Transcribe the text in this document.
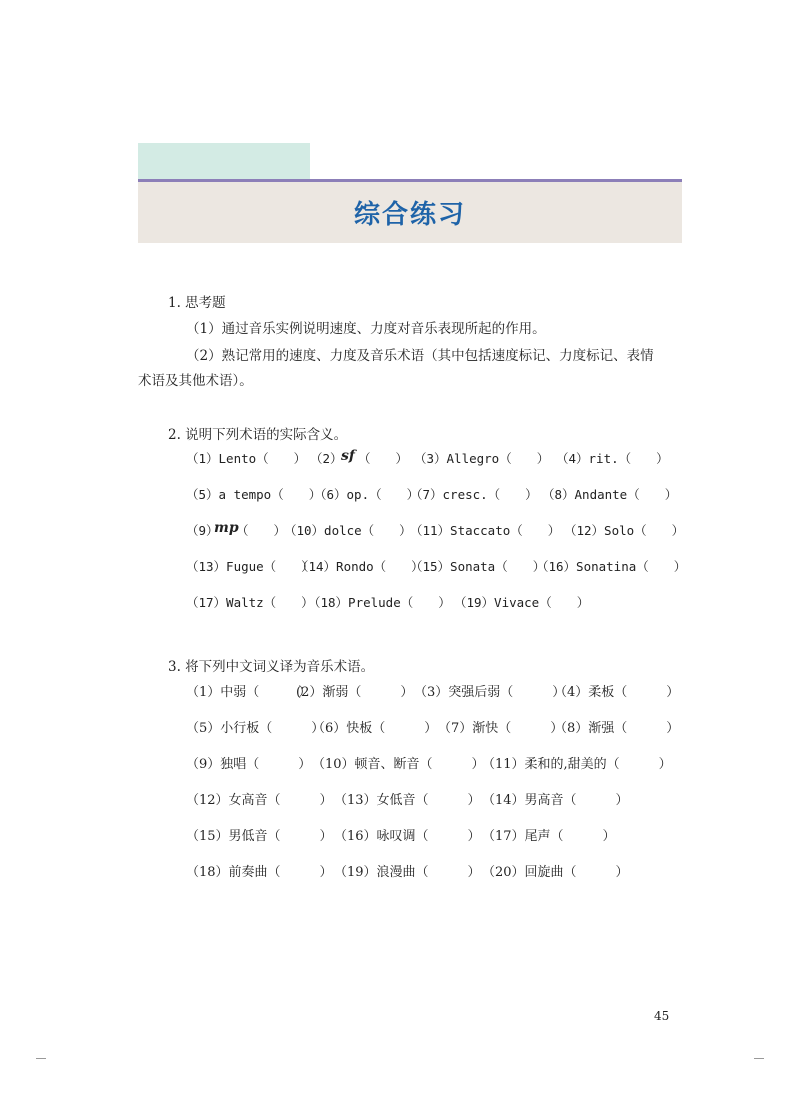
综合练习
1. 思考题
（1）通过音乐实例说明速度、力度对音乐表现所起的作用。
（2）熟记常用的速度、力度及音乐术语（其中包括速度标记、力度标记、表情
术语及其他术语）。
2. 说明下列术语的实际含义。
（1）Lento（　　） （2）
sf （　　） （3）Allegro（　　） （4）rit.（　　）
（5）a tempo（　　）
（6）op.（　　）
（7）cresc.（　　） （8）Andante（　　）
（9）
mp
（　　）
（10）dolce（　　）
（11）Staccato（　　） （12）Solo（　　）
（13）Fugue（　　）
（14）Rondo（　　）
（15）Sonata（　　）
（16）Sonatina（　　）
（17）Waltz（　　）
（18）Prelude（　　） （19）Vivace（　　）
3. 将下列中文词义译为音乐术语。
（1）中弱（　　　）
(2）渐弱（　　　） （3）突强后弱（　　　）
（4）柔板（　　　）
（5）小行板（　　　）
（6）快板（　　　） （7）渐快（　　　）
（8）渐强（　　　）
（9）独唱（　　　） （10）顿音、断音（　　　）
（11）柔和的,甜美的（　　　）
（12）女高音（　　　） （13）女低音（　　　） （14）男高音（　　　）
（15）男低音（　　　） （16）咏叹调（　　　） （17）尾声（　　　）
（18）前奏曲（　　　） （19）浪漫曲（　　　） （20）回旋曲（　　　）
45
